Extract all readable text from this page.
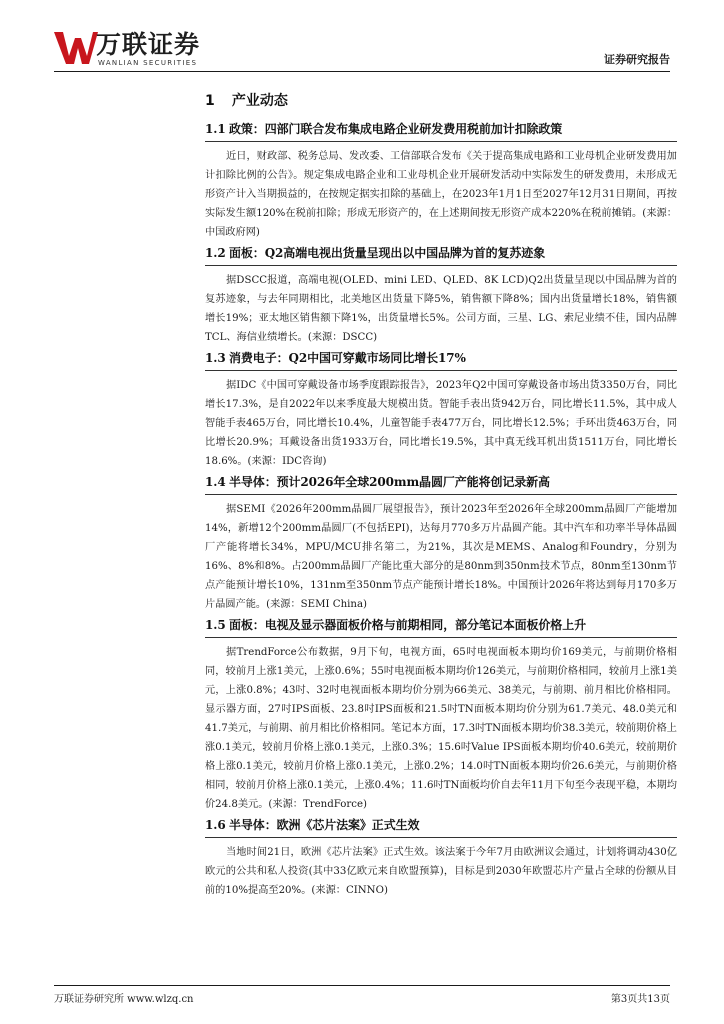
万联证券
WANLIAN SECURITIES	证券研究报告
1 产业动态
1.1 政策：四部门联合发布集成电路企业研发费用税前加计扣除政策

近日，财政部、税务总局、发改委、工信部联合发布《关于提高集成电路和工业母机企业研发费用加计扣除比例的公告》。规定集成电路企业和工业母机企业开展研发活动中实际发生的研发费用，未形成无形资产计入当期损益的，在按规定据实扣除的基础上，在2023年1月1日至2027年12月31日期间，再按实际发生额120%在税前扣除；形成无形资产的，在上述期间按无形资产成本220%在税前摊销。(来源：中国政府网)

1.2 面板：Q2高端电视出货量呈现出以中国品牌为首的复苏迹象

据DSCC报道，高端电视(OLED、mini LED、QLED、8K LCD)Q2出货量呈现以中国品牌为首的复苏迹象，与去年同期相比，北美地区出货量下降5%，销售额下降8%；国内出货量增长18%，销售额增长19%；亚太地区销售额下降1%，出货量增长5%。公司方面，三星、LG、索尼业绩不佳，国内品牌TCL、海信业绩增长。(来源：DSCC)

1.3 消费电子：Q2中国可穿戴市场同比增长17%

据IDC《中国可穿戴设备市场季度跟踪报告》，2023年Q2中国可穿戴设备市场出货3350万台，同比增长17.3%，是自2022年以来季度最大规模出货。智能手表出货942万台，同比增长11.5%，其中成人智能手表465万台，同比增长10.4%，儿童智能手表477万台，同比增长12.5%；手环出货463万台，同比增长20.9%；耳戴设备出货1933万台，同比增长19.5%，其中真无线耳机出货1511万台，同比增长18.6%。(来源：IDC咨询)

1.4 半导体：预计2026年全球200mm晶圆厂产能将创记录新高

据SEMI《2026年200mm晶圆厂展望报告》，预计2023年至2026年全球200mm晶圆厂产能增加14%，新增12个200mm晶圆厂(不包括EPI)，达每月770多万片晶圆产能。其中汽车和功率半导体晶圆厂产能将增长34%，MPU/MCU排名第二，为21%，其次是MEMS、Analog和Foundry，分别为16%、8%和8%。占200mm晶圆厂产能比重大部分的是80nm到350nm技术节点，80nm至130nm节点产能预计增长10%，131nm至350nm节点产能预计增长18%。中国预计2026年将达到每月170多万片晶圆产能。(来源：SEMI China)

1.5 面板：电视及显示器面板价格与前期相同，部分笔记本面板价格上升

据TrendForce公布数据，9月下旬，电视方面，65吋电视面板本期均价169美元，与前期价格相同，较前月上涨1美元，上涨0.6%；55吋电视面板本期均价126美元，与前期价格相同，较前月上涨1美元，上涨0.8%；43吋、32吋电视面板本期均价分别为66美元、38美元，与前期、前月相比价格相同。显示器方面，27吋IPS面板、23.8吋IPS面板和21.5吋TN面板本期均价分别为61.7美元、48.0美元和41.7美元，与前期、前月相比价格相同。笔记本方面，17.3吋TN面板本期均价38.3美元，较前期价格上涨0.1美元，较前月价格上涨0.1美元，上涨0.3%；15.6吋Value IPS面板本期均价40.6美元，较前期价格上涨0.1美元，较前月价格上涨0.1美元，上涨0.2%；14.0吋TN面板本期均价26.6美元，与前期价格相同，较前月价格上涨0.1美元，上涨0.4%；11.6吋TN面板均价自去年11月下旬至今表现平稳，本期均价24.8美元。(来源：TrendForce)

1.6 半导体：欧洲《芯片法案》正式生效

当地时间21日，欧洲《芯片法案》正式生效。该法案于今年7月由欧洲议会通过，计划将调动430亿欧元的公共和私人投资(其中33亿欧元来自欧盟预算)，目标是到2030年欧盟芯片产量占全球的份额从目前的10%提高至20%。(来源：CINNO)

万联证券研究所 www.wlzq.cn	第3页共13页
